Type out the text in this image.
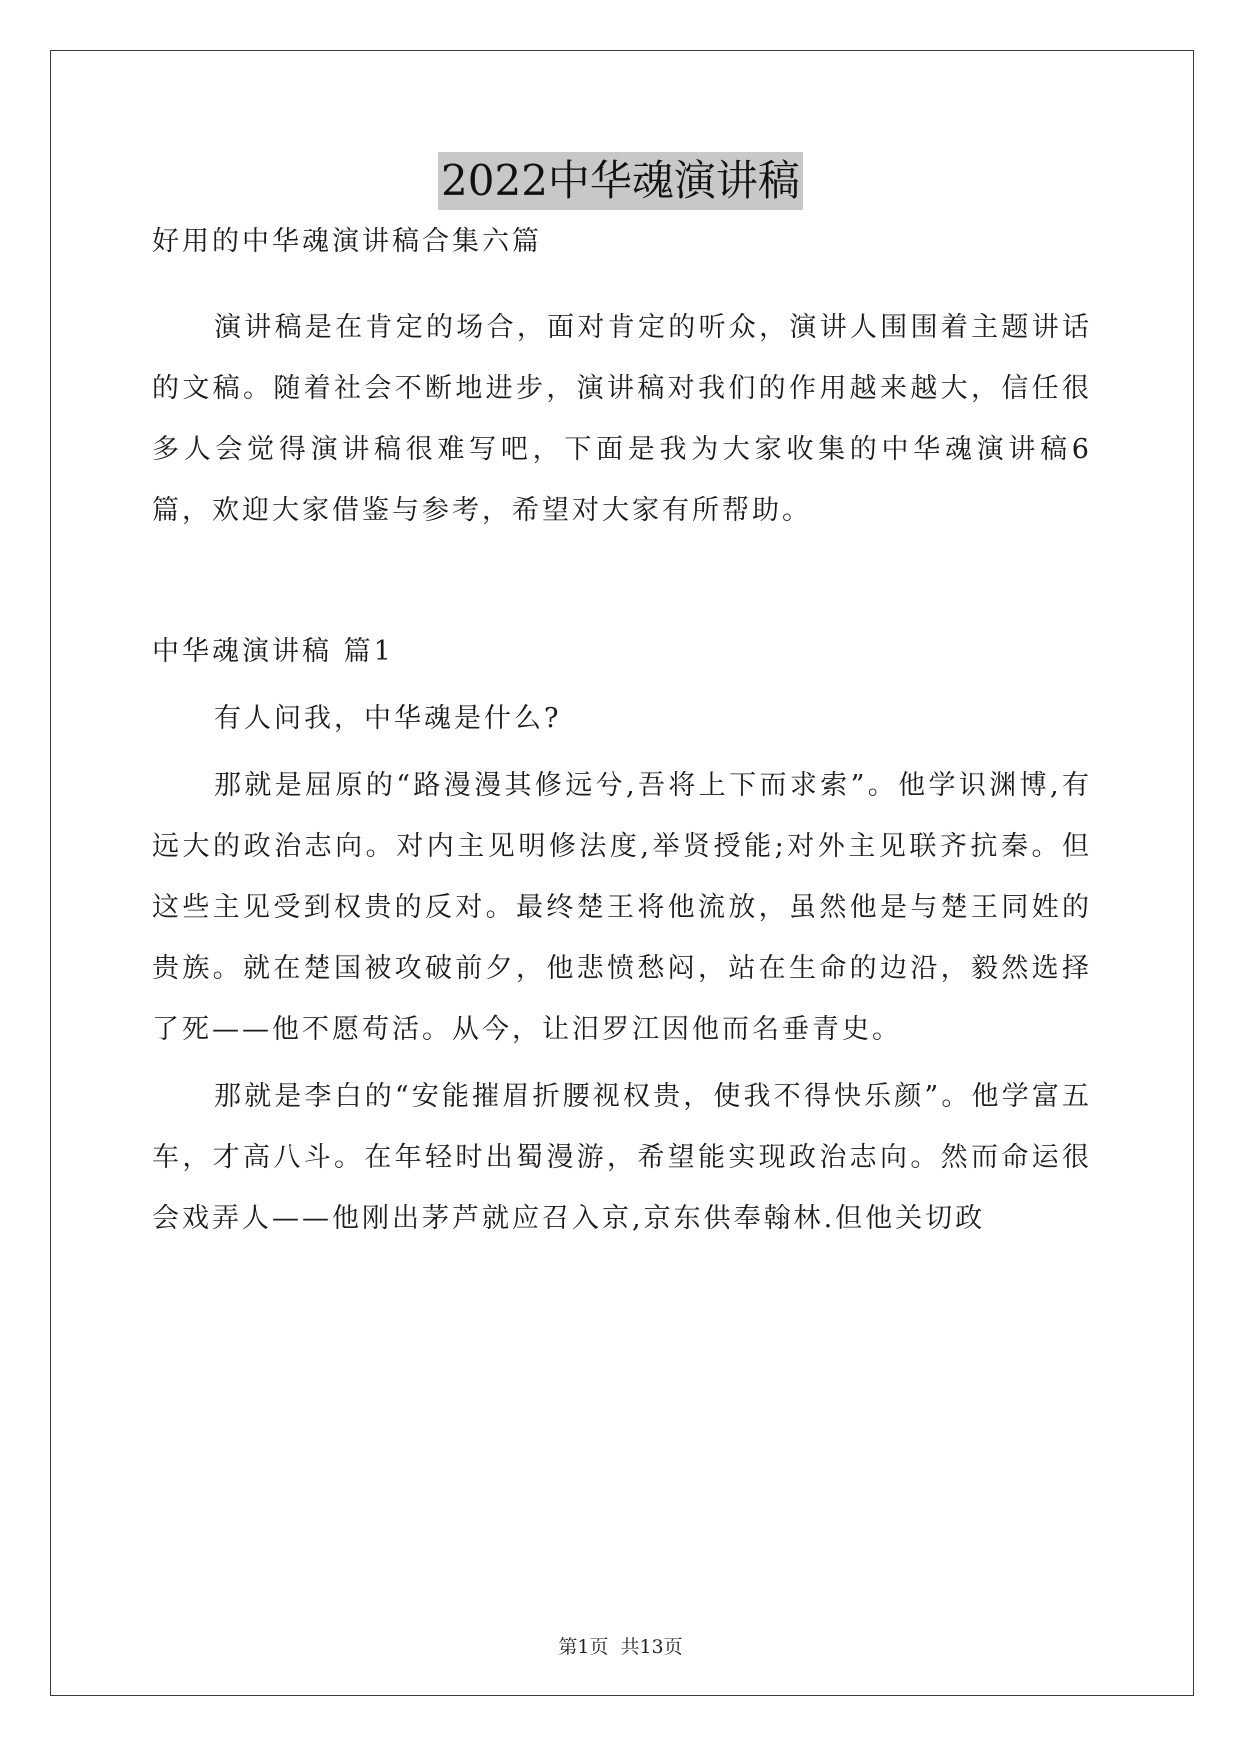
2022中华魂演讲稿
好用的中华魂演讲稿合集六篇
演讲稿是在肯定的场合，面对肯定的听众，演讲人围围着主题讲话的文稿。随着社会不断地进步，演讲稿对我们的作用越来越大，信任很多人会觉得演讲稿很难写吧，下面是我为大家收集的中华魂演讲稿6篇，欢迎大家借鉴与参考，希望对大家有所帮助。
中华魂演讲稿 篇1
有人问我，中华魂是什么?
那就是屈原的“路漫漫其修远兮,吾将上下而求索”。他学识渊博,有远大的政治志向。对内主见明修法度,举贤授能;对外主见联齐抗秦。但这些主见受到权贵的反对。最终楚王将他流放，虽然他是与楚王同姓的贵族。就在楚国被攻破前夕，他悲愤愁闷，站在生命的边沿，毅然选择了死——他不愿苟活。从今，让汨罗江因他而名垂青史。
那就是李白的“安能摧眉折腰视权贵，使我不得快乐颜”。他学富五车，才高八斗。在年轻时出蜀漫游，希望能实现政治志向。然而命运很会戏弄人——他刚出茅芦就应召入京,京东供奉翰林.但他关切政
第1页 共13页
